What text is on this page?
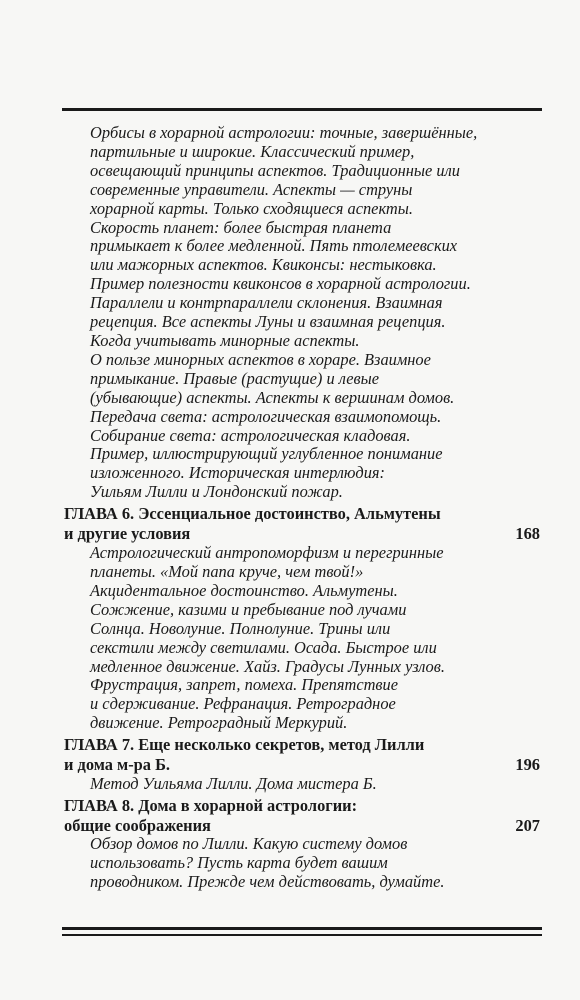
Орбисы в хорарной астрологии: точные, завершённые,
партильные и широкие. Классический пример,
освещающий принципы аспектов. Традиционные или
современные управители. Аспекты — струны
хорарной карты. Только сходящиеся аспекты.
Скорость планет: более быстрая планета
примыкает к более медленной. Пять птолемеевских
или мажорных аспектов. Квиконсы: нестыковка.
Пример полезности квиконсов в хорарной астрологии.
Параллели и контрпараллели склонения. Взаимная
рецепция. Все аспекты Луны и взаимная рецепция.
Когда учитывать минорные аспекты.
О пользе минорных аспектов в хораре. Взаимное
примыкание. Правые (растущие) и левые
(убывающие) аспекты. Аспекты к вершинам домов.
Передача света: астрологическая взаимопомощь.
Собирание света: астрологическая кладовая.
Пример, иллюстрирующий углубленное понимание
изложенного. Историческая интерлюдия:
Уильям Лилли и Лондонский пожар.
ГЛАВА 6. Эссенциальное достоинство, Альмутены
и другие условия	168
Астрологический антропоморфизм и перегринные
планеты. «Мой папа круче, чем твой!»
Акцидентальное достоинство. Альмутены.
Сожжение, казими и пребывание под лучами
Солнца. Новолуние. Полнолуние. Трины или
секстили между светилами. Осада. Быстрое или
медленное движение. Хайз. Градусы Лунных узлов.
Фрустрация, запрет, помеха. Препятствие
и сдерживание. Рефранация. Ретроградное
движение. Ретроградный Меркурий.
ГЛАВА 7. Еще несколько секретов, метод Лилли
и дома м-ра Б.	196
Метод Уильяма Лилли. Дома мистера Б.
ГЛАВА 8. Дома в хорарной астрологии:
общие соображения	207
Обзор домов по Лилли. Какую систему домов
использовать? Пусть карта будет вашим
проводником. Прежде чем действовать, думайте.
